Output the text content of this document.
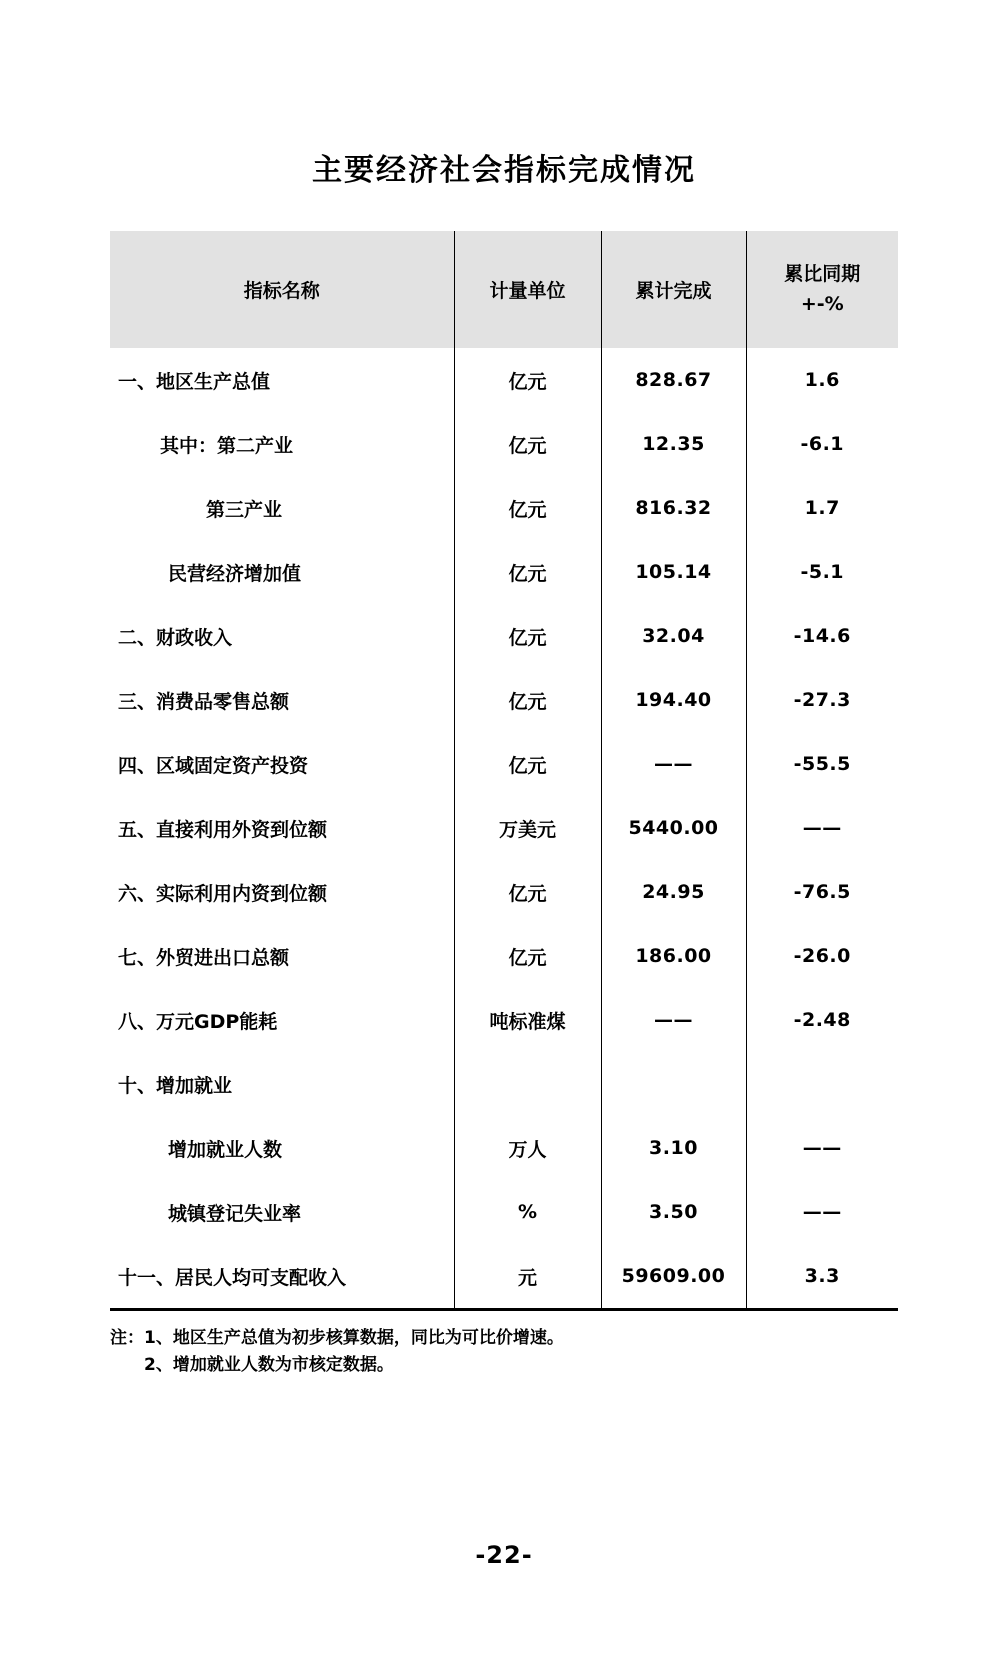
主要经济社会指标完成情况
指标名称	计量单位	累计完成	累比同期
+-%

一、地区生产总值	亿元	828.67	1.6
其中：第二产业	亿元	12.35	-6.1
第三产业	亿元	816.32	1.7
民营经济增加值	亿元	105.14	-5.1
二、财政收入	亿元	32.04	-14.6
三、消费品零售总额	亿元	194.40	-27.3
四、区域固定资产投资	亿元	——	-55.5
五、直接利用外资到位额	万美元	5440.00	——
六、实际利用内资到位额	亿元	24.95	-76.5
七、外贸进出口总额	亿元	186.00	-26.0
八、万元GDP能耗	吨标准煤	——	-2.48
十、增加就业			
增加就业人数	万人	3.10	——
城镇登记失业率	%	3.50	——
十一、居民人均可支配收入	元	59609.00	3.3
注：1、地区生产总值为初步核算数据，同比为可比价增速。
2、增加就业人数为市核定数据。
-22-
